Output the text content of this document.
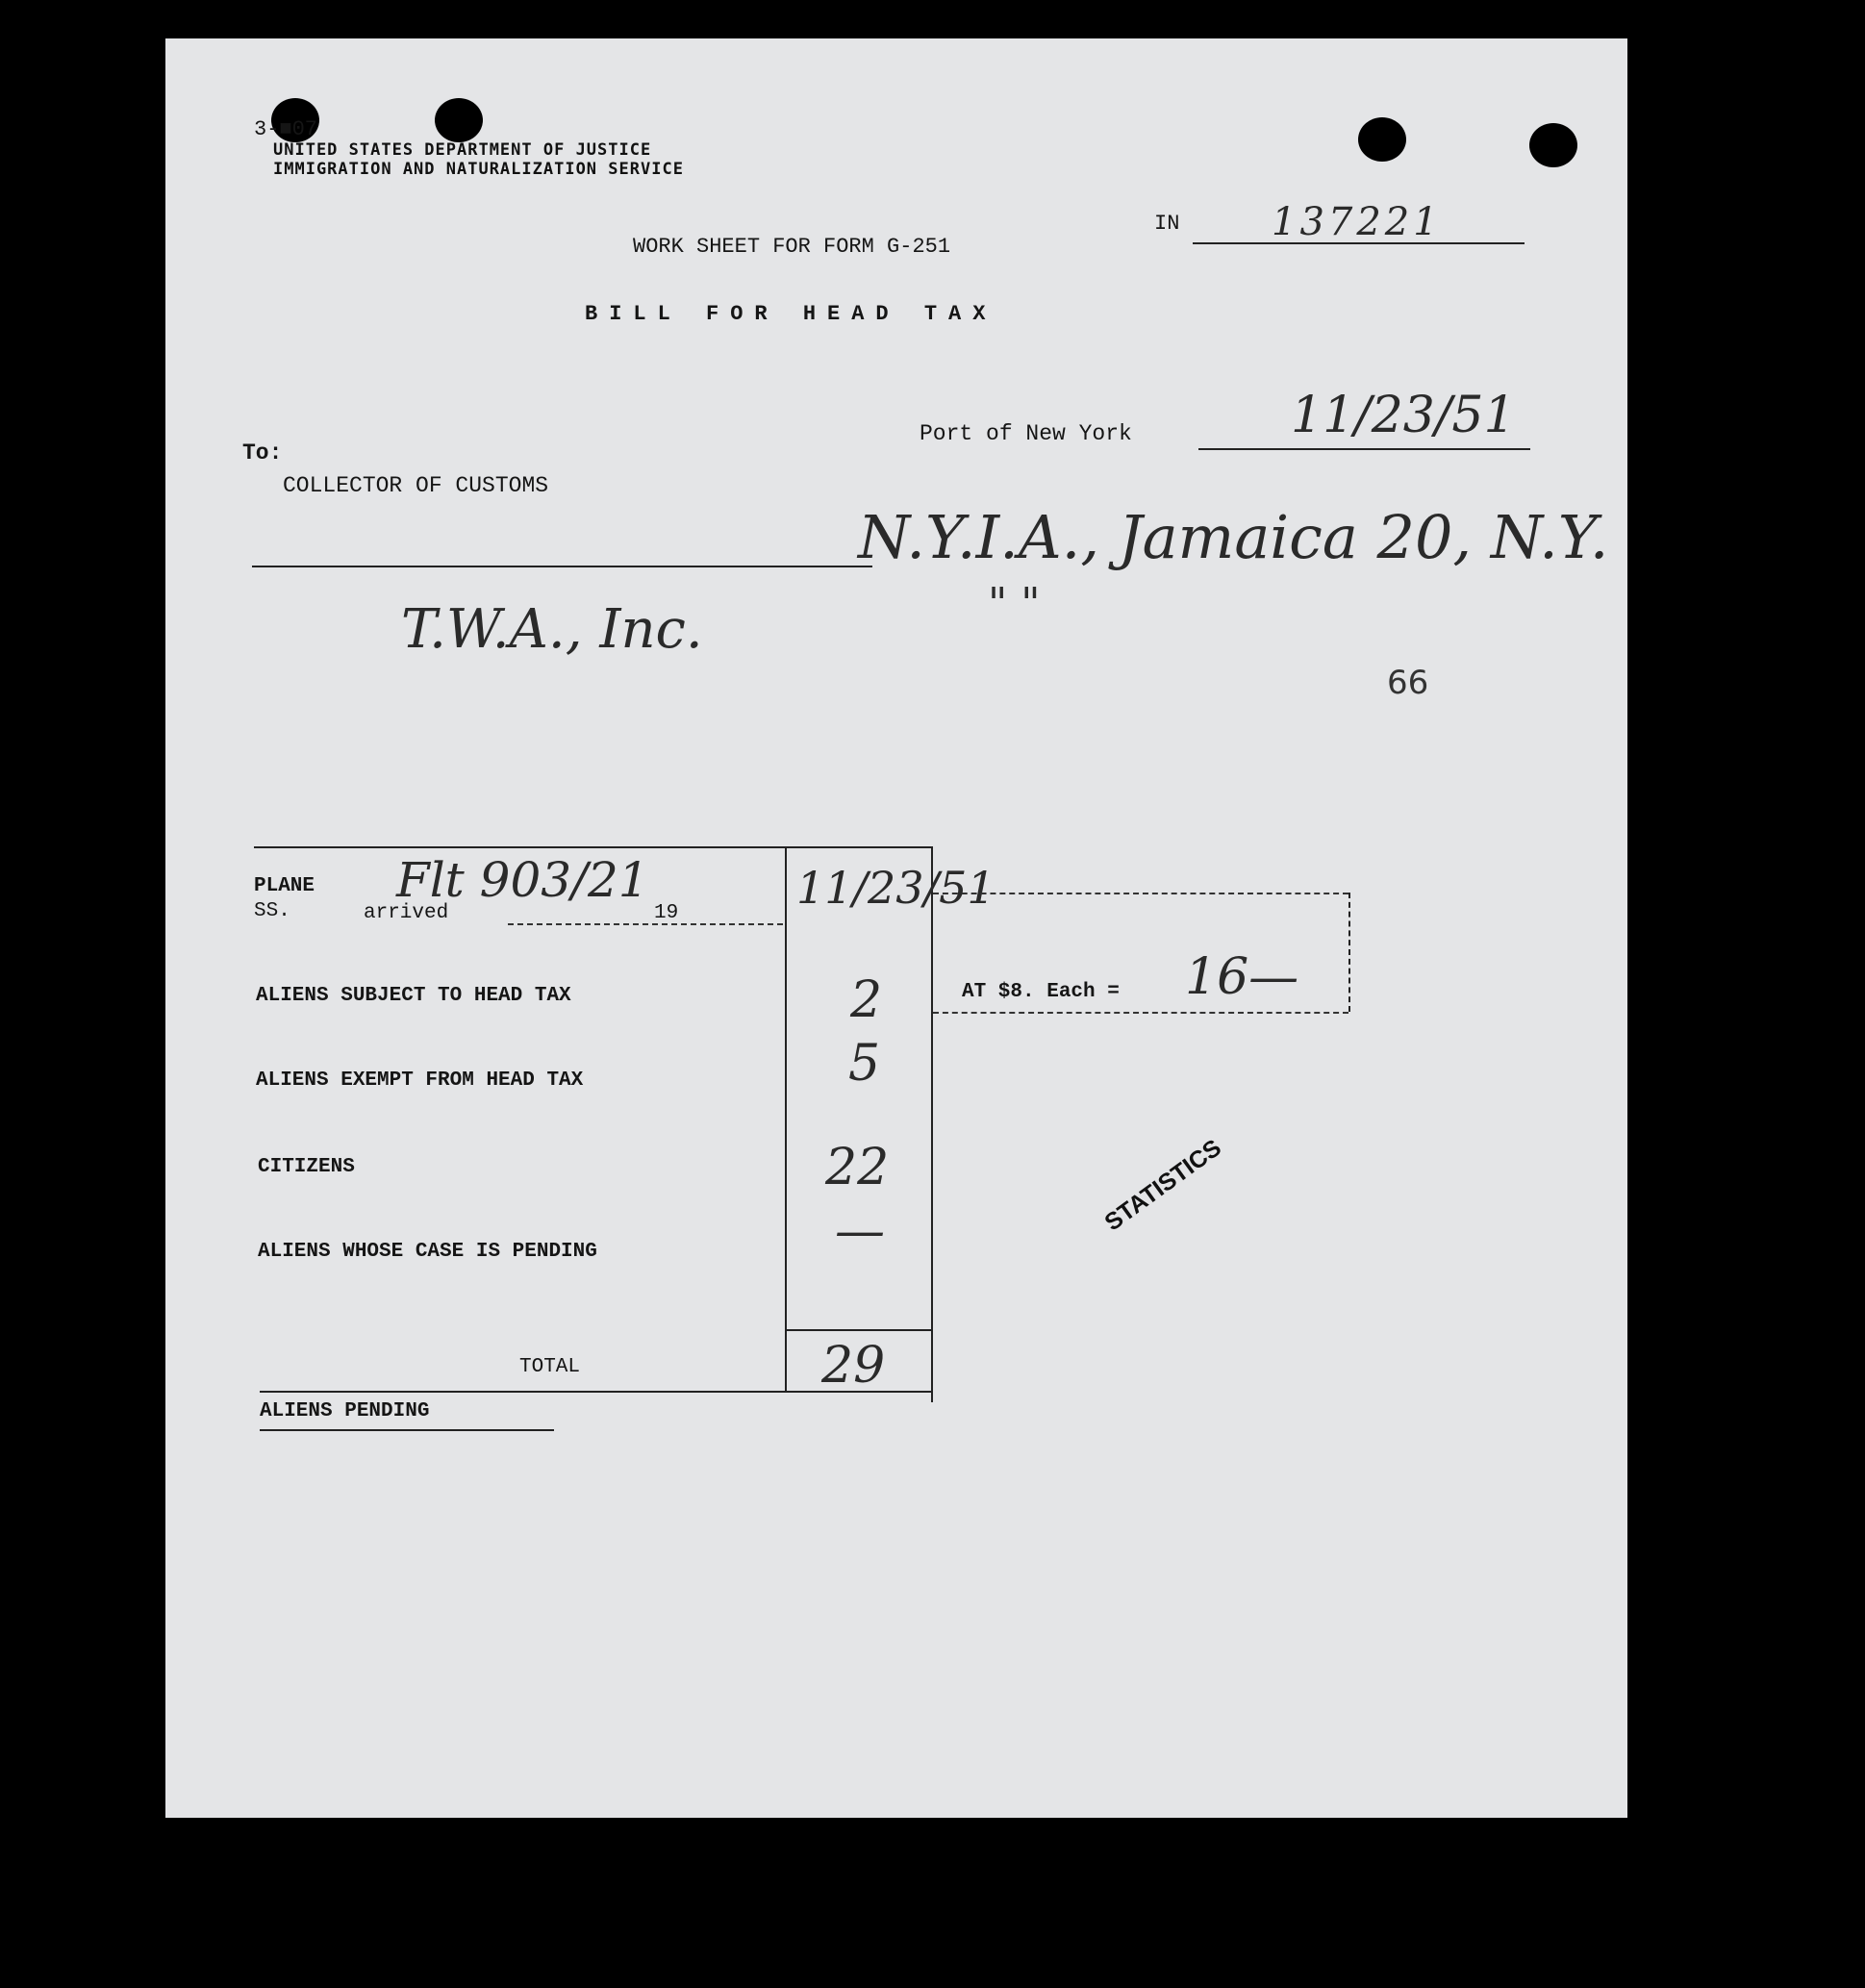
3-■07
UNITED STATES DEPARTMENT OF JUSTICE
IMMIGRATION AND NATURALIZATION SERVICE
IN 137221
WORK SHEET FOR FORM G-251
BILL FOR HEAD TAX
Port of New York	11/23/51
To:
COLLECTOR OF CUSTOMS
N.Y.I.A., Jamaica 20, N.Y.
" "
T.W.A., Inc.
66
PLANE
SS.
Flt 903/21
arrived	19	11/23/51
AT $8. Each = 16—
ALIENS SUBJECT TO HEAD TAX	2
ALIENS EXEMPT FROM HEAD TAX	5
CITIZENS	22
ALIENS WHOSE CASE IS PENDING	—
TOTAL	29
ALIENS PENDING
STATISTICS
